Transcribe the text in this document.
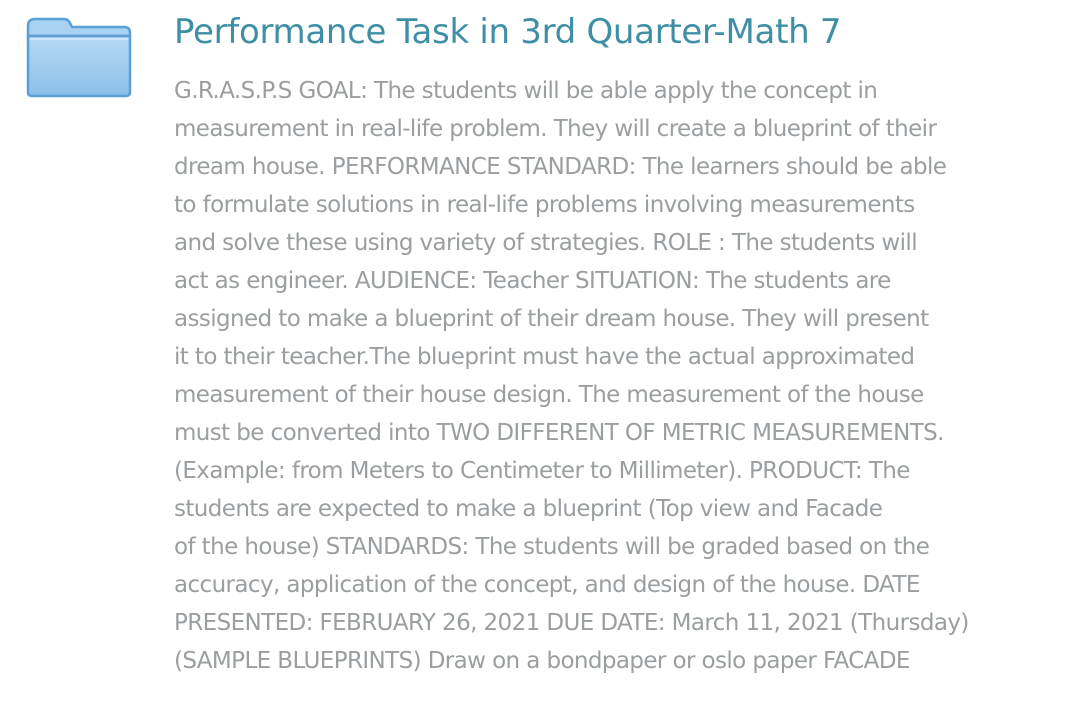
Performance Task in 3rd Quarter-Math 7
G.R.A.S.P.S GOAL: The students will be able apply the concept in
measurement in real-life problem. They will create a blueprint of their
dream house. PERFORMANCE STANDARD: The learners should be able
to formulate solutions in real-life problems involving measurements
and solve these using variety of strategies. ROLE : The students will
act as engineer. AUDIENCE: Teacher SITUATION: The students are
assigned to make a blueprint of their dream house. They will present
it to their teacher.The blueprint must have the actual approximated
measurement of their house design. The measurement of the house
must be converted into TWO DIFFERENT OF METRIC MEASUREMENTS.
(Example: from Meters to Centimeter to Millimeter). PRODUCT: The
students are expected to make a blueprint (Top view and Facade
of the house) STANDARDS: The students will be graded based on the
accuracy, application of the concept, and design of the house. DATE
PRESENTED: FEBRUARY 26, 2021 DUE DATE: March 11, 2021 (Thursday)
(SAMPLE BLUEPRINTS) Draw on a bondpaper or oslo paper FACADE
